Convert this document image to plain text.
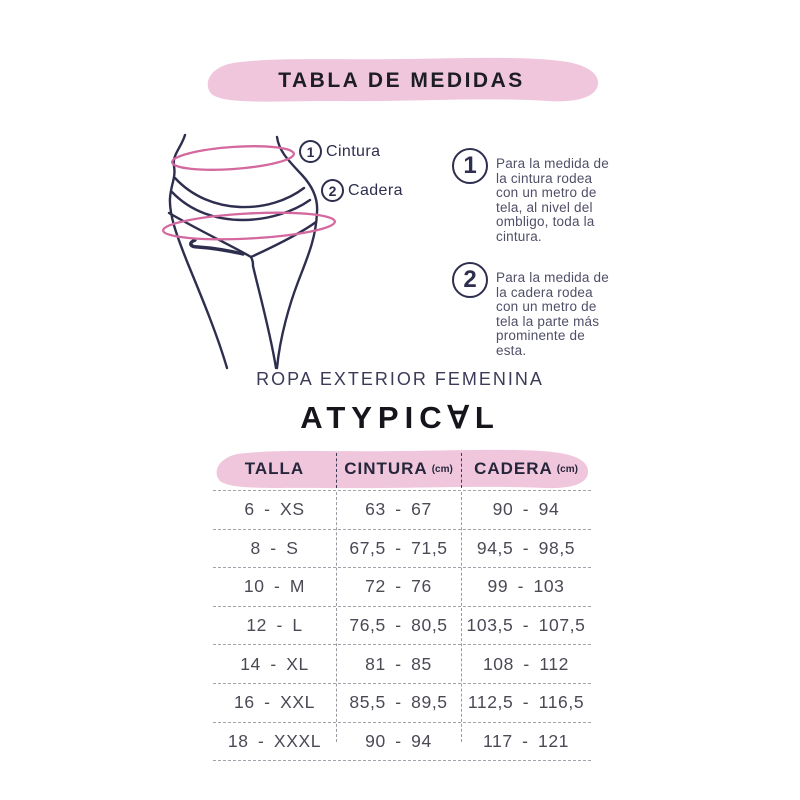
TABLA DE MEDIDAS
1 Cintura
2 Cadera
1	Para la medida de
la cintura rodea
con un metro de
tela, al nivel del
ombligo, toda la
cintura.
2	Para la medida de
la cadera rodea
con un metro de
tela la parte más
prominente de
esta.
ROPA EXTERIOR FEMENINA
ATYPIC∀L
TALLA CINTURA (cm) CADERA (cm)
6 - XS	63 - 67	90 - 94
8 - S	67,5 - 71,5	94,5 - 98,5
10 - M	72 - 76	99 - 103
12 - L	76,5 - 80,5	103,5 - 107,5
14 - XL	81 - 85	108 - 112
16 - XXL	85,5 - 89,5	112,5 - 116,5
18 - XXXL	90 - 94	117 - 121
